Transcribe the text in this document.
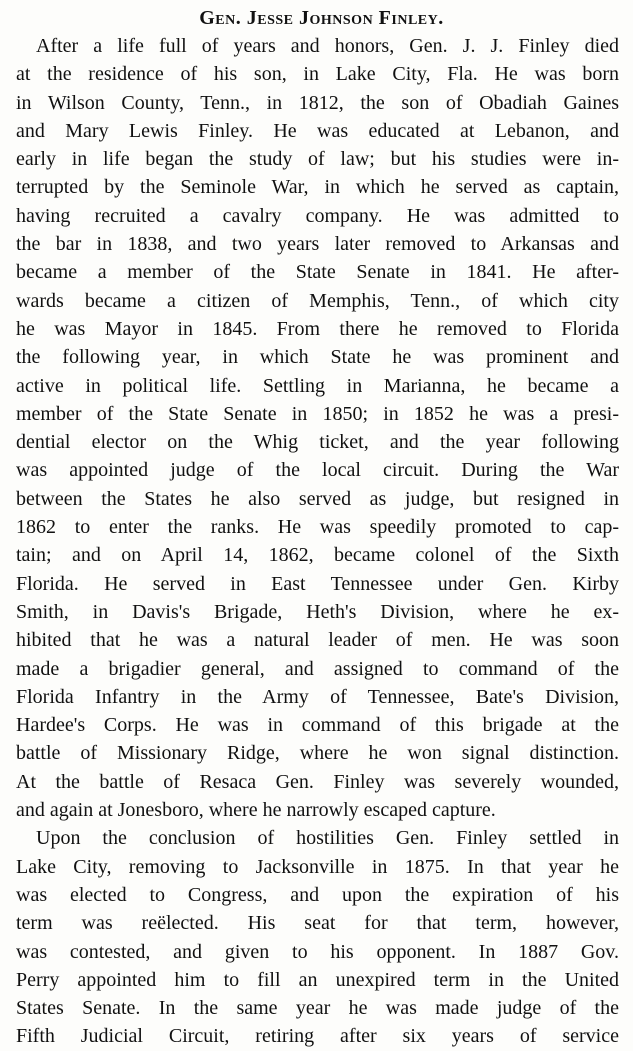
Gen. Jesse Johnson Finley.
After a life full of years and honors, Gen. J. J. Finley died
at the residence of his son, in Lake City, Fla. He was born
in Wilson County, Tenn., in 1812, the son of Obadiah Gaines
and Mary Lewis Finley. He was educated at Lebanon, and
early in life began the study of law; but his studies were in-
terrupted by the Seminole War, in which he served as captain,
having recruited a cavalry company. He was admitted to
the bar in 1838, and two years later removed to Arkansas and
became a member of the State Senate in 1841. He after-
wards became a citizen of Memphis, Tenn., of which city
he was Mayor in 1845. From there he removed to Florida
the following year, in which State he was prominent and
active in political life. Settling in Marianna, he became a
member of the State Senate in 1850; in 1852 he was a presi-
dential elector on the Whig ticket, and the year following
was appointed judge of the local circuit. During the War
between the States he also served as judge, but resigned in
1862 to enter the ranks. He was speedily promoted to cap-
tain; and on April 14, 1862, became colonel of the Sixth
Florida. He served in East Tennessee under Gen. Kirby
Smith, in Davis's Brigade, Heth's Division, where he ex-
hibited that he was a natural leader of men. He was soon
made a brigadier general, and assigned to command of the
Florida Infantry in the Army of Tennessee, Bate's Division,
Hardee's Corps. He was in command of this brigade at the
battle of Missionary Ridge, where he won signal distinction.
At the battle of Resaca Gen. Finley was severely wounded,
and again at Jonesboro, where he narrowly escaped capture.
Upon the conclusion of hostilities Gen. Finley settled in
Lake City, removing to Jacksonville in 1875. In that year he
was elected to Congress, and upon the expiration of his
term was reëlected. His seat for that term, however,
was contested, and given to his opponent. In 1887 Gov.
Perry appointed him to fill an unexpired term in the United
States Senate. In the same year he was made judge of the
Fifth Judicial Circuit, retiring after six years of service
